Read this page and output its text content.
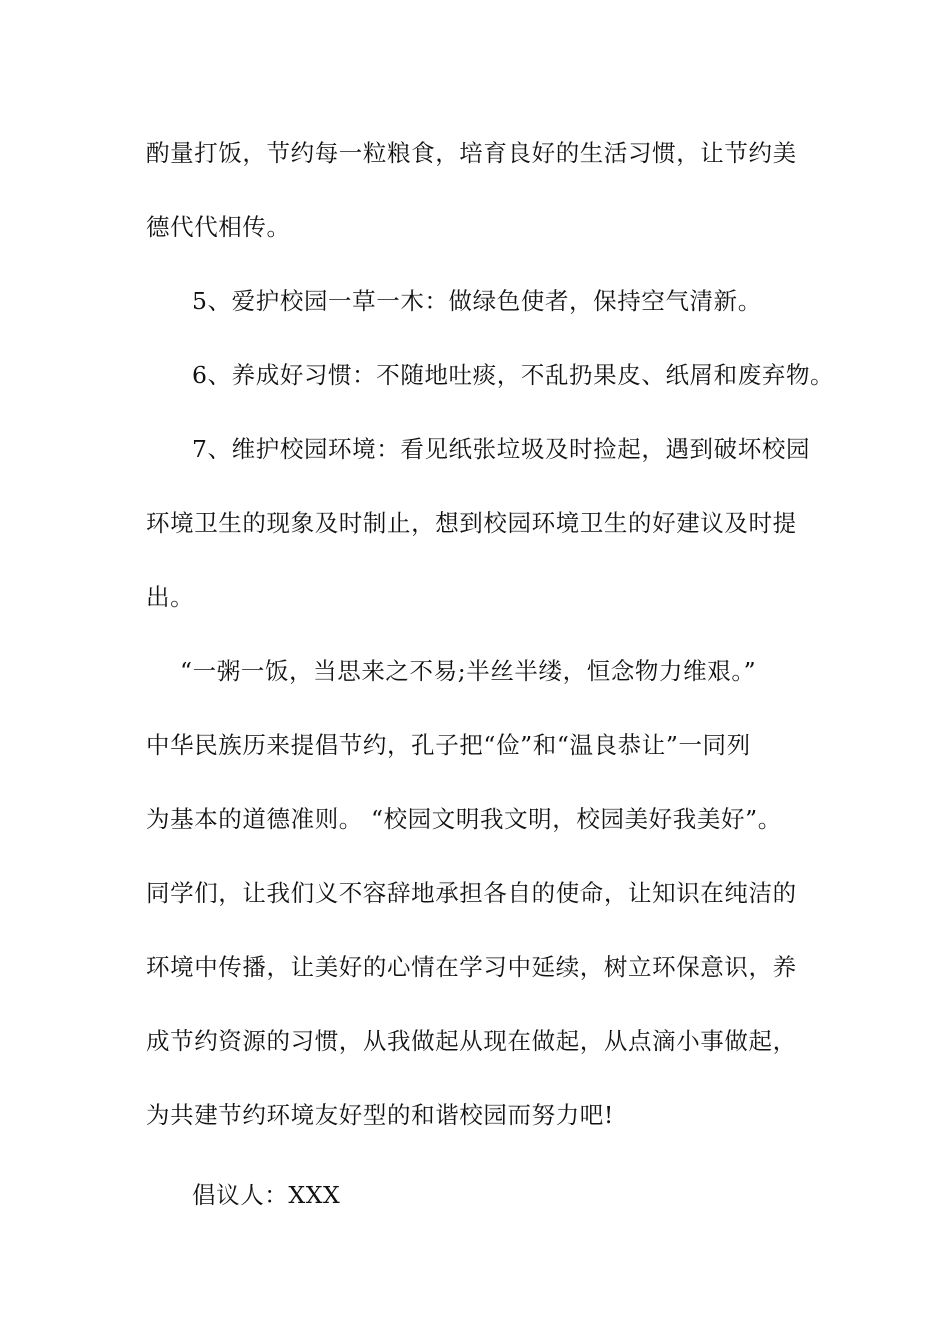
酌量打饭，节约每一粒粮食，培育良好的生活习惯，让节约美
德代代相传。
5、爱护校园一草一木：做绿色使者，保持空气清新。
6、养成好习惯：不随地吐痰，不乱扔果皮、纸屑和废弃物。
7、维护校园环境：看见纸张垃圾及时捡起，遇到破坏校园
环境卫生的现象及时制止，想到校园环境卫生的好建议及时提
出。
“一粥一饭，当思来之不易;半丝半缕，恒念物力维艰。”
中华民族历来提倡节约，孔子把“俭”和“温良恭让”一同列
为基本的道德准则。 “校园文明我文明，校园美好我美好”。
同学们，让我们义不容辞地承担各自的使命，让知识在纯洁的
环境中传播，让美好的心情在学习中延续，树立环保意识，养
成节约资源的习惯，从我做起从现在做起，从点滴小事做起，
为共建节约环境友好型的和谐校园而努力吧!
倡议人：XXX
